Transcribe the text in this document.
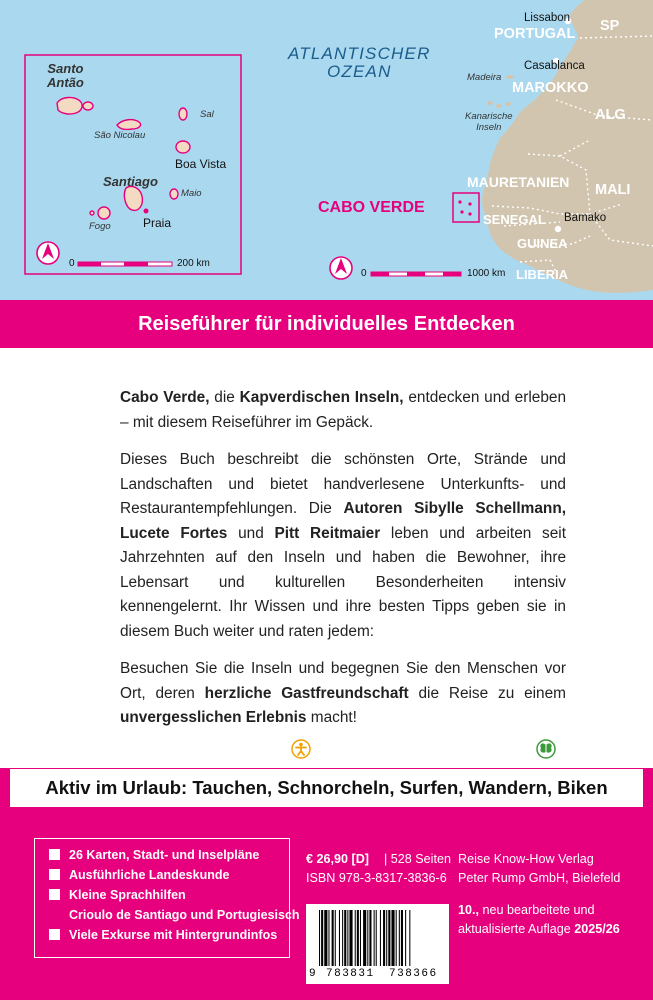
ATLANTISCHER
OZEAN
Lissabon
PORTUGAL SP
Casablanca
Madeira
MAROKKO
Kanarische
Inseln
ALG
MAURETANIEN MALI
CABO VERDE
SENEGAL Bamako
GUINEA
LIBERIA
Santo
Antão
São Nicolau
Sal
Boa Vista
Santiago
Maio
Praia
Fogo
0	200 km
0	1000 km
Reiseführer für individuelles Entdecken

Cabo Verde, die Kapverdischen Inseln, entdecken und erleben – mit diesem Reiseführer im Gepäck.

Dieses Buch beschreibt die schönsten Orte, Strände und Landschaften und bietet handverlesene Unterkunfts- und Restaurantempfehlungen. Die Autoren Sibylle Schellmann, Lucete Fortes und Pitt Reitmaier leben und arbeiten seit Jahrzehnten auf den Inseln und haben die Bewohner, ihre Lebensart und kulturellen Besonderheiten intensiv kennengelernt. Ihr Wissen und ihre besten Tipps geben sie in diesem Buch weiter und raten jedem:

Besuchen Sie die Inseln und begegnen Sie den Menschen vor Ort, deren herzliche Gastfreundschaft die Reise zu einem unvergesslichen Erlebnis macht!

Extra-Tipps für Kinder und für Naturerlebnisse
Aktiv im Urlaub: Tauchen, Schnorcheln, Surfen, Wandern, Biken
26 Karten, Stadt- und Inselpläne
Ausführliche Landeskunde
Kleine Sprachhilfen
Crioulo de Santiago und Portugiesisch
Viele Exkurse mit Hintergrundinfos
€ 26,90 [D] | 528 Seiten
ISBN 978-3-8317-3836-6
Reise Know-How Verlag
Peter Rump GmbH, Bielefeld
10., neu bearbeitete und
aktualisierte Auflage 2025/26
9 783831 738366
